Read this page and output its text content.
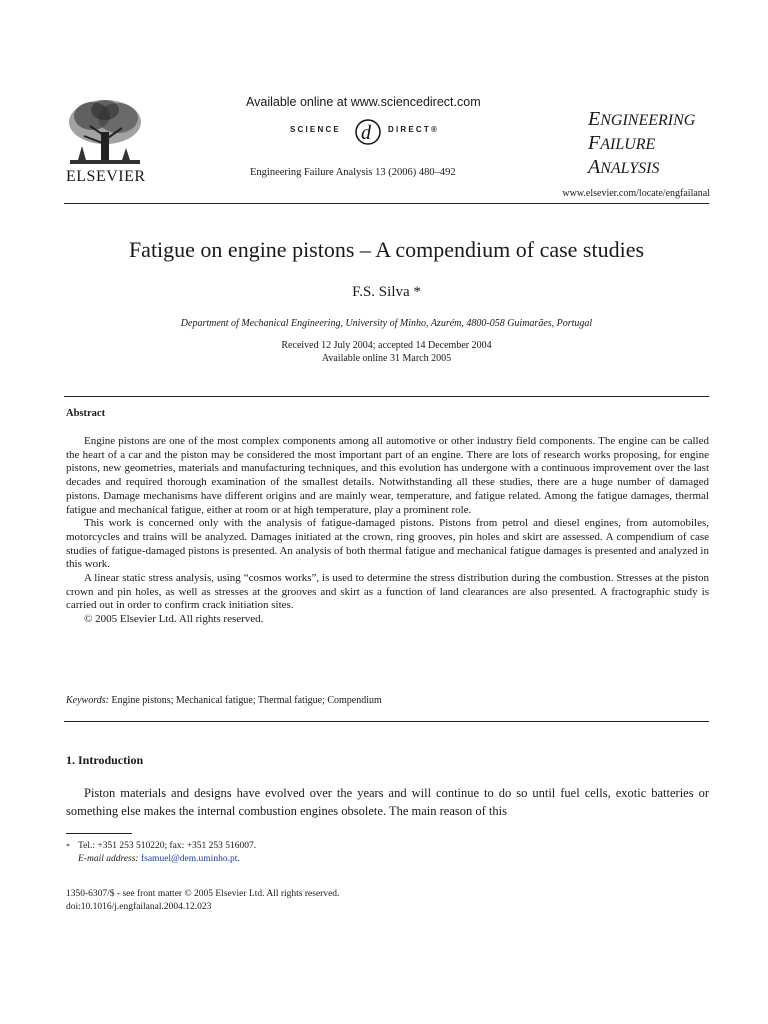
ELSEVIER
Available online at www.sciencedirect.com
d
SCIENCE	DIRECT®
Engineering Failure Analysis 13 (2006) 480–492
ENGINEERING
FAILURE
ANALYSIS
www.elsevier.com/locate/engfailanal
Fatigue on engine pistons – A compendium of case studies
F.S. Silva *
Department of Mechanical Engineering, University of Minho, Azurém, 4800-058 Guimarães, Portugal
Received 12 July 2004; accepted 14 December 2004
Available online 31 March 2005
Abstract

Engine pistons are one of the most complex components among all automotive or other industry field components. The engine can be called the heart of a car and the piston may be considered the most important part of an engine. There are lots of research works proposing, for engine pistons, new geometries, materials and manufacturing techniques, and this evolution has undergone with a continuous improvement over the last decades and required thorough examination of the smallest details. Notwithstanding all these studies, there are a huge number of damaged pistons. Damage mechanisms have different origins and are mainly wear, temperature, and fatigue related. Among the fatigue damages, thermal fatigue and mechanical fatigue, either at room or at high temperature, play a prominent role.

This work is concerned only with the analysis of fatigue-damaged pistons. Pistons from petrol and diesel engines, from automobiles, motorcycles and trains will be analyzed. Damages initiated at the crown, ring grooves, pin holes and skirt are assessed. A compendium of case studies of fatigue-damaged pistons is presented. An analysis of both thermal fatigue and mechanical fatigue damages is presented and analyzed in this work.

A linear static stress analysis, using “cosmos works”, is used to determine the stress distribution during the combustion. Stresses at the piston crown and pin holes, as well as stresses at the grooves and skirt as a function of land clearances are also presented. A fractographic study is carried out in order to confirm crack initiation sites.

© 2005 Elsevier Ltd. All rights reserved.

Keywords: Engine pistons; Mechanical fatigue; Thermal fatigue; Compendium
1. Introduction
Piston materials and designs have evolved over the years and will continue to do so until fuel cells, exotic batteries or something else makes the internal combustion engines obsolete. The main reason of this
* Tel.: +351 253 510220; fax: +351 253 516007.
E-mail address: fsamuel@dem.uminho.pt.
1350-6307/$ - see front matter © 2005 Elsevier Ltd. All rights reserved.
doi:10.1016/j.engfailanal.2004.12.023
